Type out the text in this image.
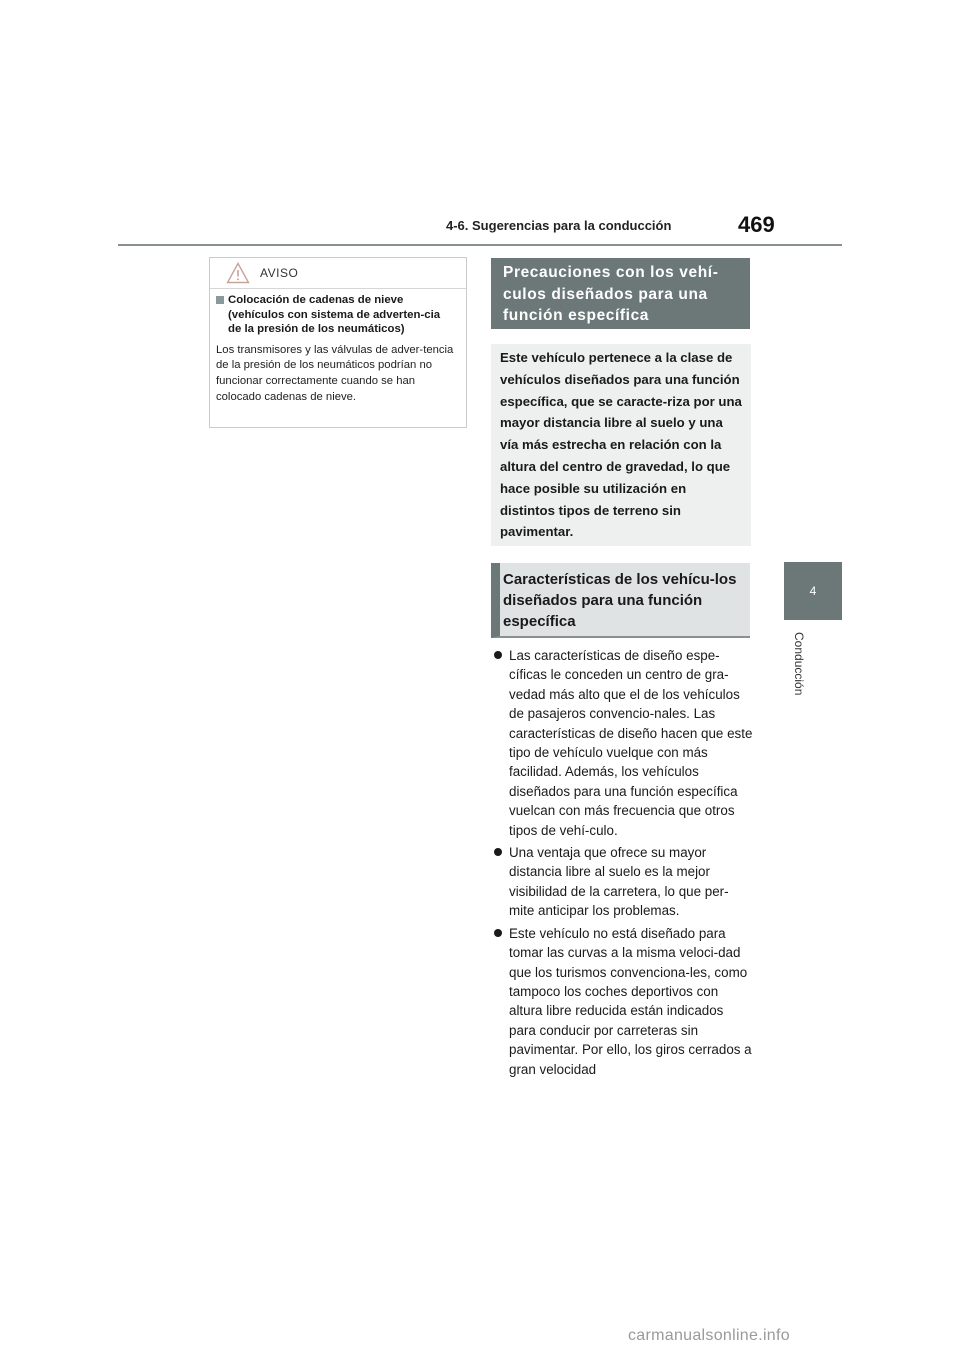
4-6. Sugerencias para la conducción	469
4
Conducción
AVISO
Colocación de cadenas de nieve (vehículos con sistema de adverten-cia de la presión de los neumáticos)
Los transmisores y las válvulas de adver-tencia de la presión de los neumáticos podrían no funcionar correctamente cuando se han colocado cadenas de nieve.
Precauciones con los vehí-culos diseñados para una función específica
Este vehículo pertenece a la clase de vehículos diseñados para una función específica, que se caracte-riza por una mayor distancia libre al suelo y una vía más estrecha en relación con la altura del centro de gravedad, lo que hace posible su utilización en distintos tipos de terreno sin pavimentar.
Características de los vehícu-los diseñados para una función específica
Las características de diseño espe-cíficas le conceden un centro de gra-vedad más alto que el de los vehículos de pasajeros convencio-nales. Las características de diseño hacen que este tipo de vehículo vuelque con más facilidad. Además, los vehículos diseñados para una función específica vuelcan con más frecuencia que otros tipos de vehí-culo.
Una ventaja que ofrece su mayor distancia libre al suelo es la mejor visibilidad de la carretera, lo que per-mite anticipar los problemas.
Este vehículo no está diseñado para tomar las curvas a la misma veloci-dad que los turismos convenciona-les, como tampoco los coches deportivos con altura libre reducida están indicados para conducir por carreteras sin pavimentar. Por ello, los giros cerrados a gran velocidad
carmanualsonline.info
